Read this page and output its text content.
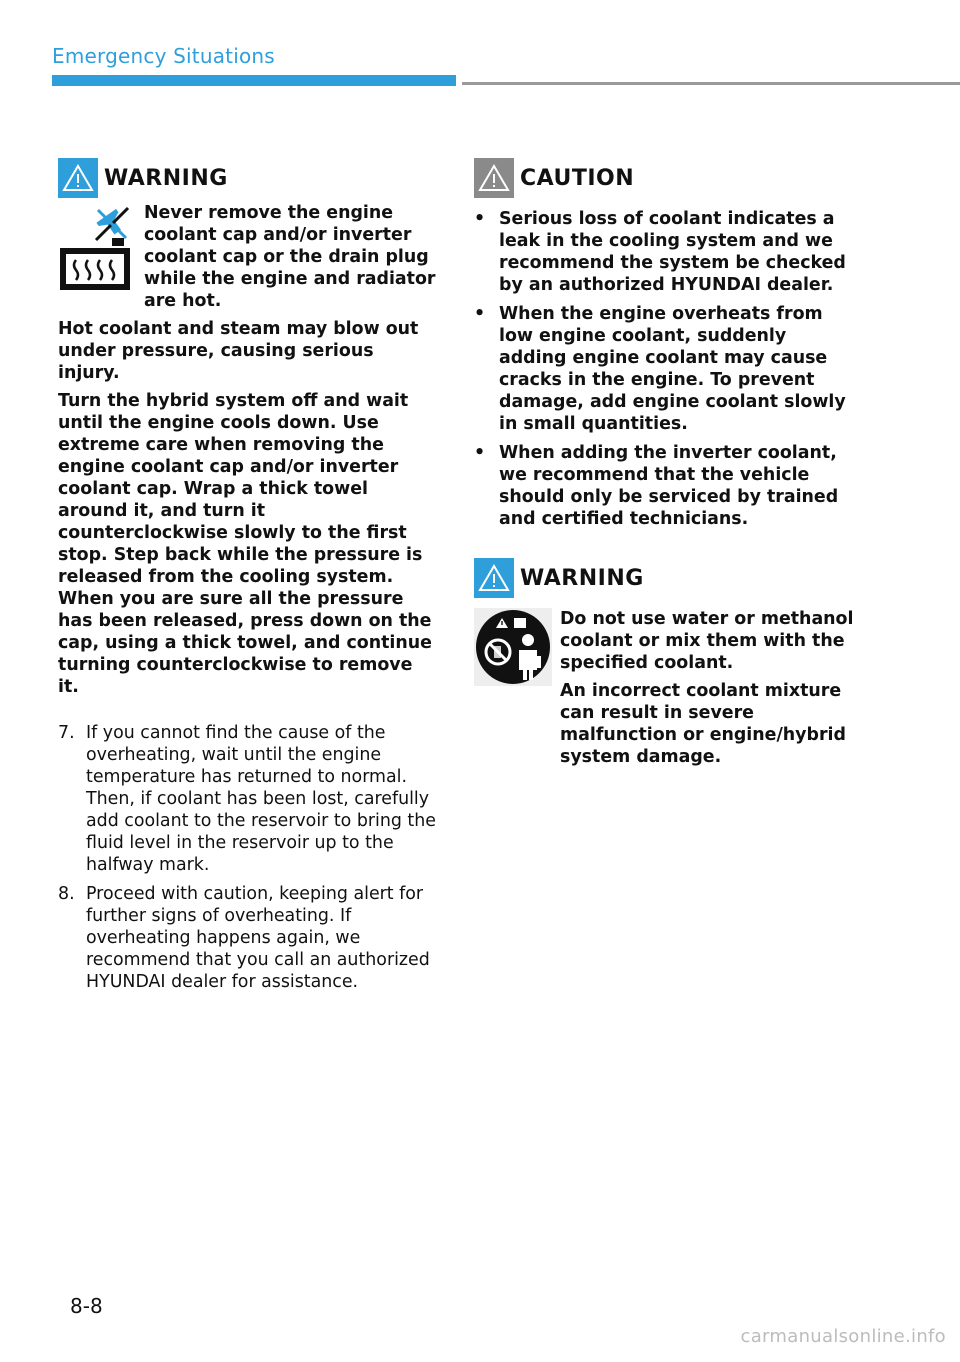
Emergency Situations
WARNING

Never remove the engine coolant cap and/or inverter coolant cap or the drain plug while the engine and radiator are hot.

Hot coolant and steam may blow out under pressure, causing serious injury.

Turn the hybrid system off and wait until the engine cools down. Use extreme care when removing the engine coolant cap and/or inverter coolant cap. Wrap a thick towel around it, and turn it counterclockwise slowly to the first stop. Step back while the pressure is released from the cooling system. When you are sure all the pressure has been released, press down on the cap, using a thick towel, and continue turning counterclockwise to remove it.

7. If you cannot find the cause of the overheating, wait until the engine temperature has returned to normal. Then, if coolant has been lost, carefully add coolant to the reservoir to bring the fluid level in the reservoir up to the halfway mark.

8. Proceed with caution, keeping alert for further signs of overheating. If overheating happens again, we recommend that you call an authorized HYUNDAI dealer for assistance.

CAUTION
• Serious loss of coolant indicates a leak in the cooling system and we recommend the system be checked by an authorized HYUNDAI dealer.

• When the engine overheats from low engine coolant, suddenly adding engine coolant may cause cracks in the engine. To prevent damage, add engine coolant slowly in small quantities.

• When adding the inverter coolant, we recommend that the vehicle should only be serviced by trained and certified technicians.

WARNING

Do not use water or methanol coolant or mix them with the specified coolant.

An incorrect coolant mixture can result in severe malfunction or engine/hybrid system damage.

8-8
carmanualsonline.info
